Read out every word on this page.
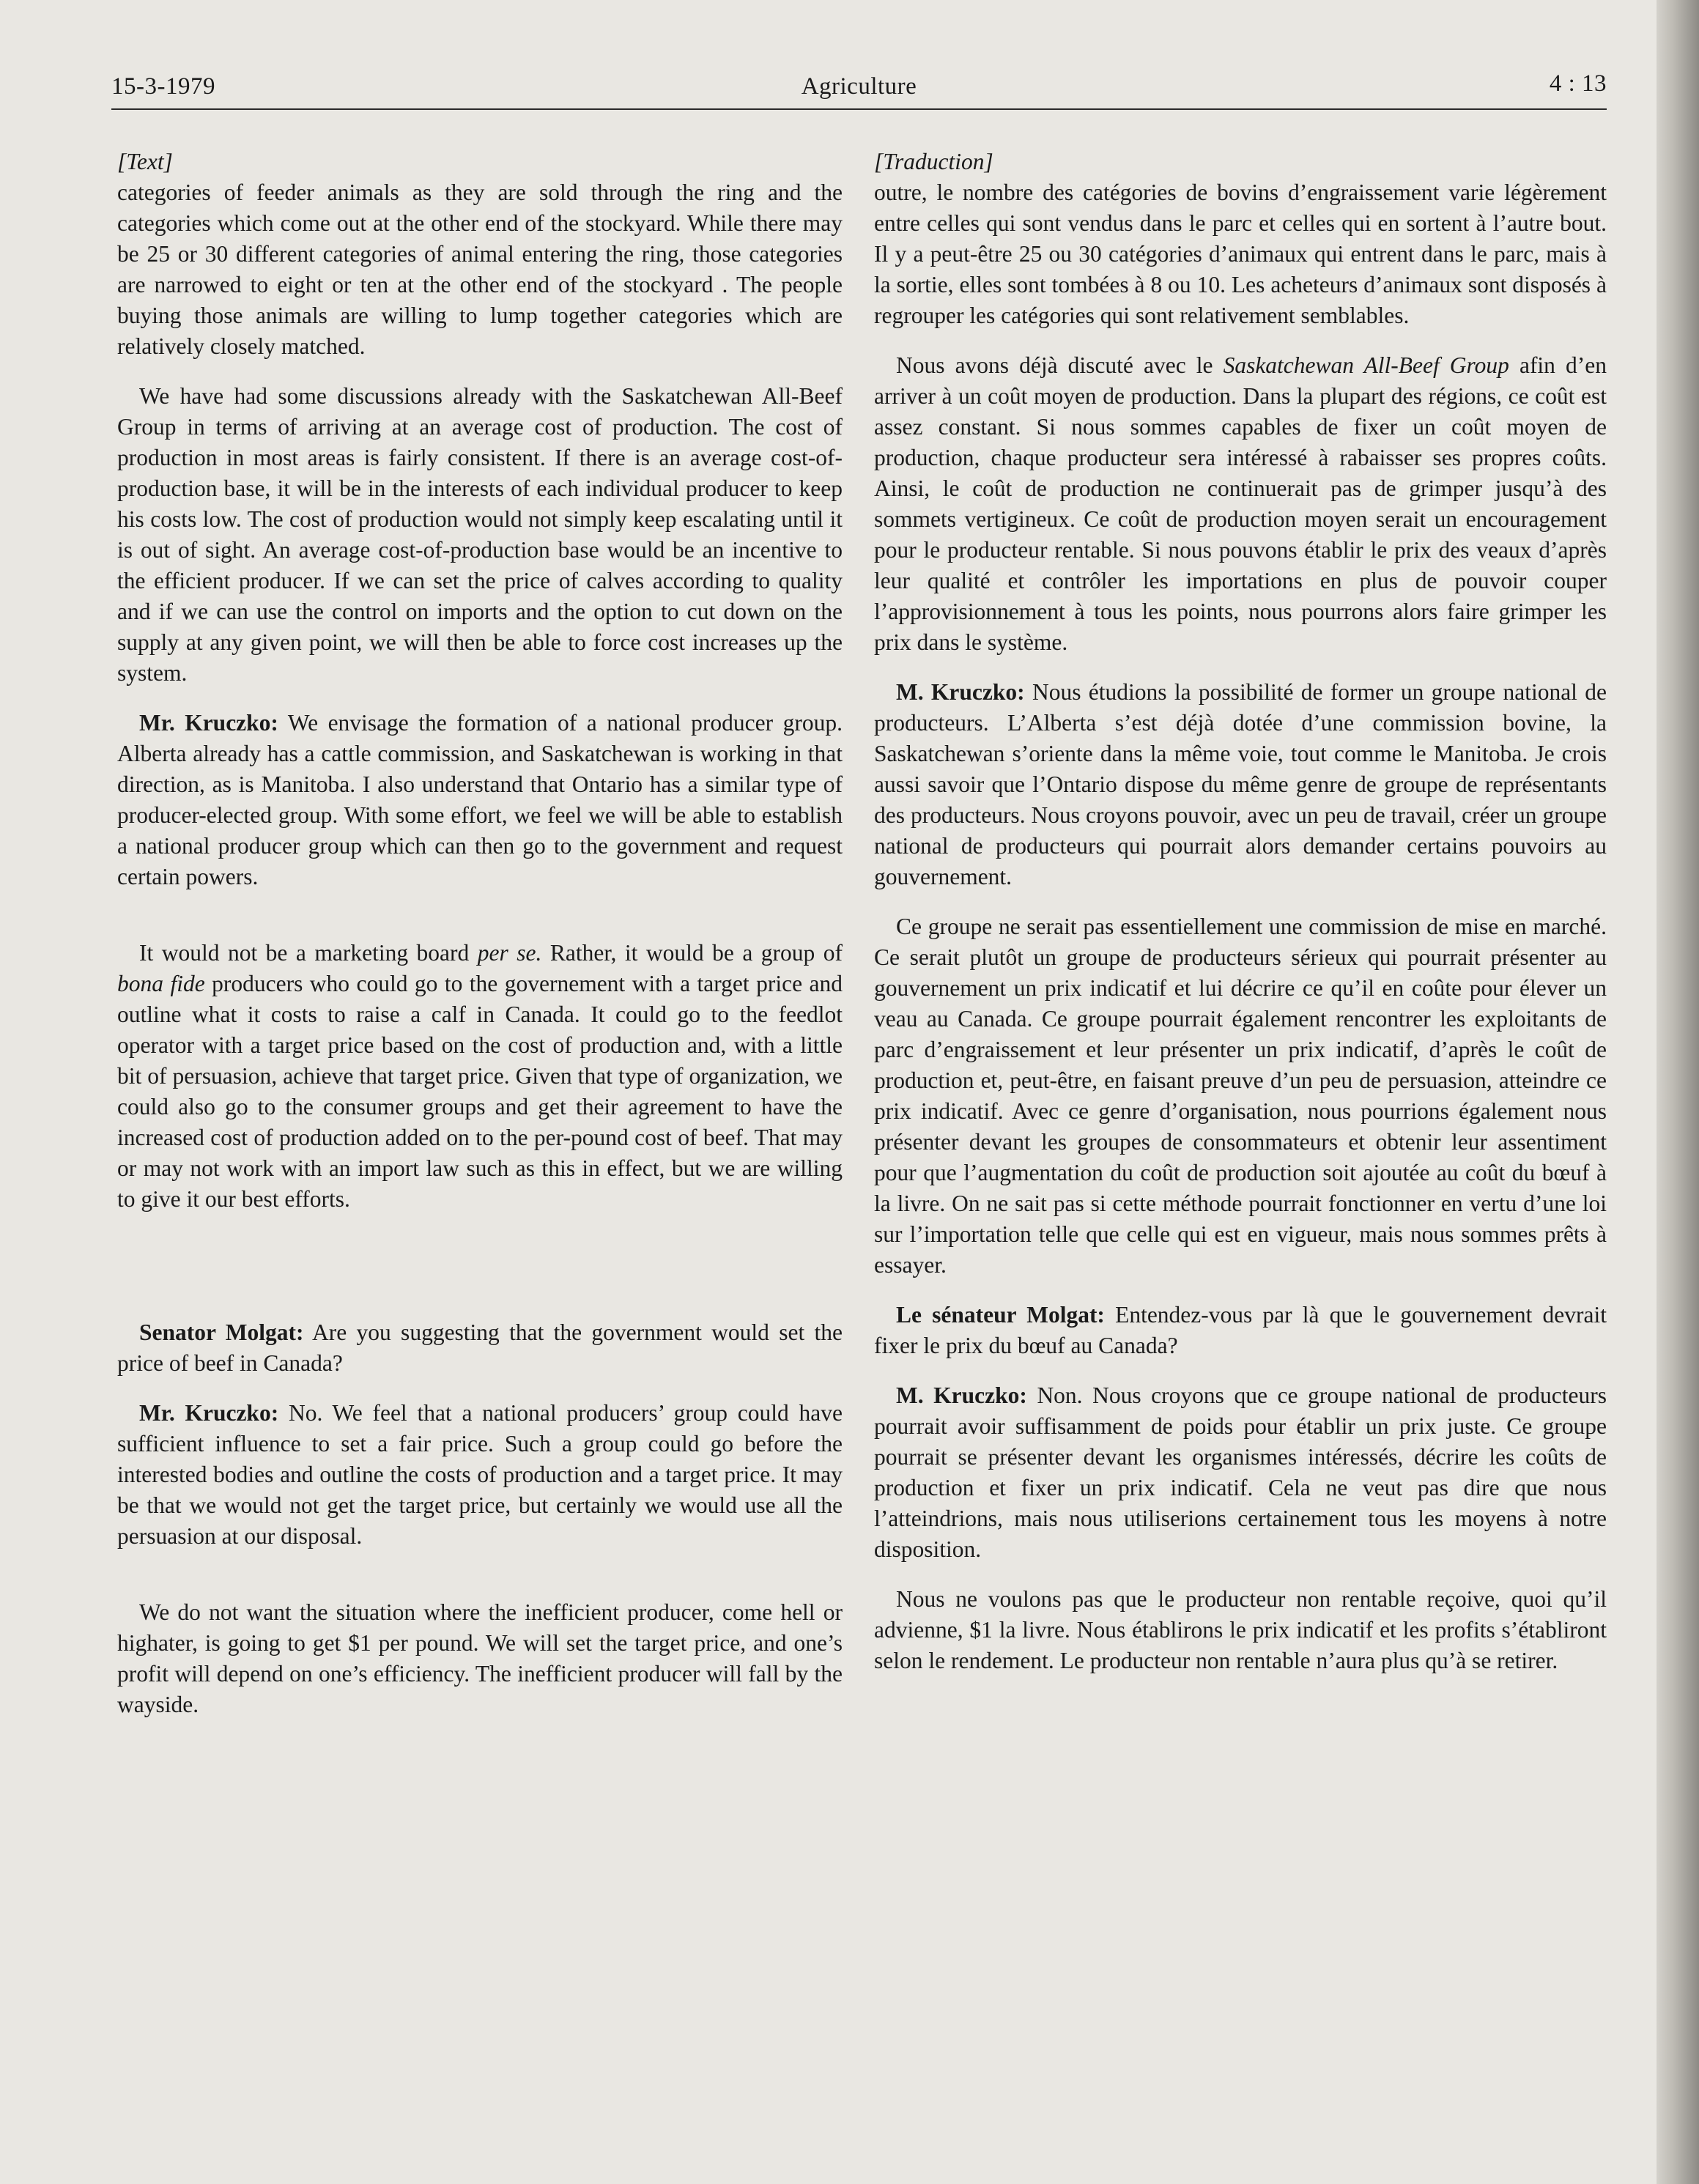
15-3-1979	Agriculture	4 : 13

[Text]

categories of feeder animals as they are sold through the ring and the categories which come out at the other end of the stockyard. While there may be 25 or 30 different categories of animal entering the ring, those categories are narrowed to eight or ten at the other end of the stockyard . The people buying those animals are willing to lump together categories which are relatively closely matched.

We have had some discussions already with the Saskatchewan All-Beef Group in terms of arriving at an average cost of production. The cost of production in most areas is fairly consistent. If there is an average cost-of-production base, it will be in the interests of each individual producer to keep his costs low. The cost of production would not simply keep escalating until it is out of sight. An average cost-of-production base would be an incentive to the efficient producer. If we can set the price of calves according to quality and if we can use the control on imports and the option to cut down on the supply at any given point, we will then be able to force cost increases up the system.

Mr. Kruczko: We envisage the formation of a national producer group. Alberta already has a cattle commission, and Saskatchewan is working in that direction, as is Manitoba. I also understand that Ontario has a similar type of producer-elected group. With some effort, we feel we will be able to establish a national producer group which can then go to the government and request certain powers.

It would not be a marketing board per se. Rather, it would be a group of bona fide producers who could go to the governement with a target price and outline what it costs to raise a calf in Canada. It could go to the feedlot operator with a target price based on the cost of production and, with a little bit of persuasion, achieve that target price. Given that type of organization, we could also go to the consumer groups and get their agreement to have the increased cost of production added on to the per-pound cost of beef. That may or may not work with an import law such as this in effect, but we are willing to give it our best efforts.

Senator Molgat: Are you suggesting that the government would set the price of beef in Canada?

Mr. Kruczko: No. We feel that a national producers’ group could have sufficient influence to set a fair price. Such a group could go before the interested bodies and outline the costs of production and a target price. It may be that we would not get the target price, but certainly we would use all the persuasion at our disposal.

We do not want the situation where the inefficient producer, come hell or highater, is going to get $1 per pound. We will set the target price, and one’s profit will depend on one’s efficiency. The inefficient producer will fall by the wayside.

[Traduction]

outre, le nombre des catégories de bovins d’engraissement varie légèrement entre celles qui sont vendus dans le parc et celles qui en sortent à l’autre bout. Il y a peut-être 25 ou 30 catégories d’animaux qui entrent dans le parc, mais à la sortie, elles sont tombées à 8 ou 10. Les acheteurs d’animaux sont disposés à regrouper les catégories qui sont relativement semblables.

Nous avons déjà discuté avec le Saskatchewan All-Beef Group afin d’en arriver à un coût moyen de production. Dans la plupart des régions, ce coût est assez constant. Si nous sommes capables de fixer un coût moyen de production, chaque producteur sera intéressé à rabaisser ses propres coûts. Ainsi, le coût de production ne continuerait pas de grimper jusqu’à des sommets vertigineux. Ce coût de production moyen serait un encouragement pour le producteur rentable. Si nous pouvons établir le prix des veaux d’après leur qualité et contrôler les importations en plus de pouvoir couper l’approvisionnement à tous les points, nous pourrons alors faire grimper les prix dans le système.

M. Kruczko: Nous étudions la possibilité de former un groupe national de producteurs. L’Alberta s’est déjà dotée d’une commission bovine, la Saskatchewan s’oriente dans la même voie, tout comme le Manitoba. Je crois aussi savoir que l’Ontario dispose du même genre de groupe de représentants des producteurs. Nous croyons pouvoir, avec un peu de travail, créer un groupe national de producteurs qui pourrait alors demander certains pouvoirs au gouvernement.

Ce groupe ne serait pas essentiellement une commission de mise en marché. Ce serait plutôt un groupe de producteurs sérieux qui pourrait présenter au gouvernement un prix indicatif et lui décrire ce qu’il en coûte pour élever un veau au Canada. Ce groupe pourrait également rencontrer les exploitants de parc d’engraissement et leur présenter un prix indicatif, d’après le coût de production et, peut-être, en faisant preuve d’un peu de persuasion, atteindre ce prix indicatif. Avec ce genre d’organisation, nous pourrions également nous présenter devant les groupes de consommateurs et obtenir leur assentiment pour que l’augmentation du coût de production soit ajoutée au coût du bœuf à la livre. On ne sait pas si cette méthode pourrait fonctionner en vertu d’une loi sur l’importation telle que celle qui est en vigueur, mais nous sommes prêts à essayer.

Le sénateur Molgat: Entendez-vous par là que le gouvernement devrait fixer le prix du bœuf au Canada?

M. Kruczko: Non. Nous croyons que ce groupe national de producteurs pourrait avoir suffisamment de poids pour établir un prix juste. Ce groupe pourrait se présenter devant les organismes intéressés, décrire les coûts de production et fixer un prix indicatif. Cela ne veut pas dire que nous l’atteindrions, mais nous utiliserions certainement tous les moyens à notre disposition.

Nous ne voulons pas que le producteur non rentable reçoive, quoi qu’il advienne, $1 la livre. Nous établirons le prix indicatif et les profits s’établiront selon le rendement. Le producteur non rentable n’aura plus qu’à se retirer.
